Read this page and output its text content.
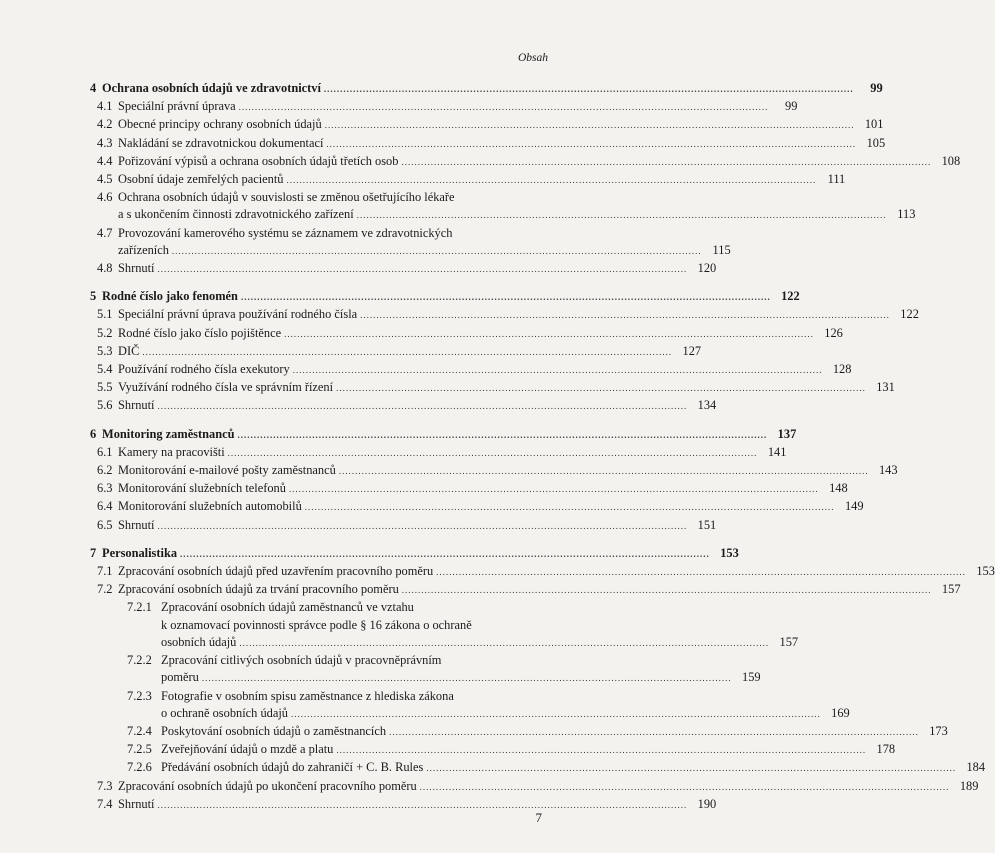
Obsah
4 Ochrana osobních údajů ve zdravotnictví .....	99
4.1 Speciální právní úprava .....	99
4.2 Obecné principy ochrany osobních údajů .....	101
4.3 Nakládání se zdravotnickou dokumentací .....	105
4.4 Pořizování výpisů a ochrana osobních údajů třetích osob .....	108
4.5 Osobní údaje zemřelých pacientů .....	111
4.6 Ochrana osobních údajů v souvislosti se změnou ošetřujícího lékaře
a s ukončením činnosti zdravotnického zařízení .....	113
4.7 Provozování kamerového systému se záznamem ve zdravotnických
zařízeních .....	115
4.8 Shrnutí .....	120
5 Rodné číslo jako fenomén .....	122
5.1 Speciální právní úprava používání rodného čísla .....	122
5.2 Rodné číslo jako číslo pojištěnce .....	126
5.3 DIČ .....	127
5.4 Používání rodného čísla exekutory .....	128
5.5 Využívání rodného čísla ve správním řízení .....	131
5.6 Shrnutí .....	134
6 Monitoring zaměstnanců .....	137
6.1 Kamery na pracovišti .....	141
6.2 Monitorování e-mailové pošty zaměstnanců .....	143
6.3 Monitorování služebních telefonů .....	148
6.4 Monitorování služebních automobilů .....	149
6.5 Shrnutí .....	151
7 Personalistika .....	153
7.1 Zpracování osobních údajů před uzavřením pracovního poměru .....	153
7.2 Zpracování osobních údajů za trvání pracovního poměru .....	157
7.2.1 Zpracování osobních údajů zaměstnanců ve vztahu
k oznamovací povinnosti správce podle § 16 zákona o ochraně
osobních údajů .....	157
7.2.2 Zpracování citlivých osobních údajů v pracovněprávním
poměru .....	159
7.2.3 Fotografie v osobním spisu zaměstnance z hlediska zákona
o ochraně osobních údajů .....	169
7.2.4 Poskytování osobních údajů o zaměstnancích .....	173
7.2.5 Zveřejňování údajů o mzdě a platu .....	178
7.2.6 Předávání osobních údajů do zahraničí + C. B. Rules .....	184
7.3 Zpracování osobních údajů po ukončení pracovního poměru .....	189
7.4 Shrnutí .....	190
7
